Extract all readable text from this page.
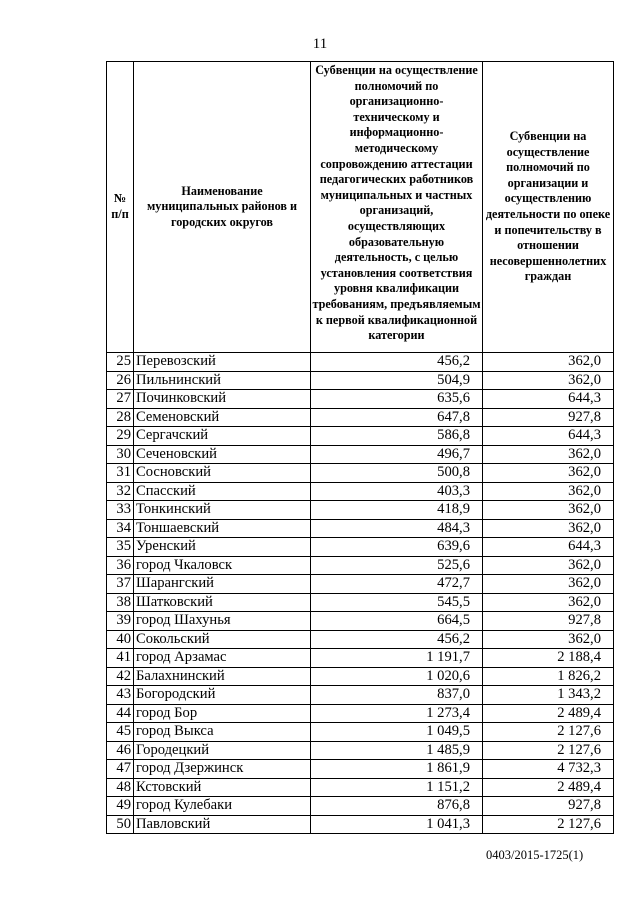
11
№ п/п	Наименование муниципальных районов и городских округов	Субвенции на осуществление полномочий по организационно-техническому и информационно-методическому сопровождению аттестации педагогических работников муниципальных и частных организаций, осуществляющих образовательную деятельность, с целью установления соответствия уровня квалификации требованиям, предъявляемым к первой квалификационной категории	Субвенции на осуществление полномочий по организации и осуществлению деятельности по опеке и попечительству в отношении несовершеннолетних граждан
25	Перевозский	456,2	362,0
26	Пильнинский	504,9	362,0
27	Починковский	635,6	644,3
28	Семеновский	647,8	927,8
29	Сергачский	586,8	644,3
30	Сеченовский	496,7	362,0
31	Сосновский	500,8	362,0
32	Спасский	403,3	362,0
33	Тонкинский	418,9	362,0
34	Тоншаевский	484,3	362,0
35	Уренский	639,6	644,3
36	город Чкаловск	525,6	362,0
37	Шарангский	472,7	362,0
38	Шатковский	545,5	362,0
39	город Шахунья	664,5	927,8
40	Сокольский	456,2	362,0
41	город Арзамас	1 191,7	2 188,4
42	Балахнинский	1 020,6	1 826,2
43	Богородский	837,0	1 343,2
44	город Бор	1 273,4	2 489,4
45	город Выкса	1 049,5	2 127,6
46	Городецкий	1 485,9	2 127,6
47	город Дзержинск	1 861,9	4 732,3
48	Кстовский	1 151,2	2 489,4
49	город Кулебаки	876,8	927,8
50	Павловский	1 041,3	2 127,6
0403/2015-1725(1)
